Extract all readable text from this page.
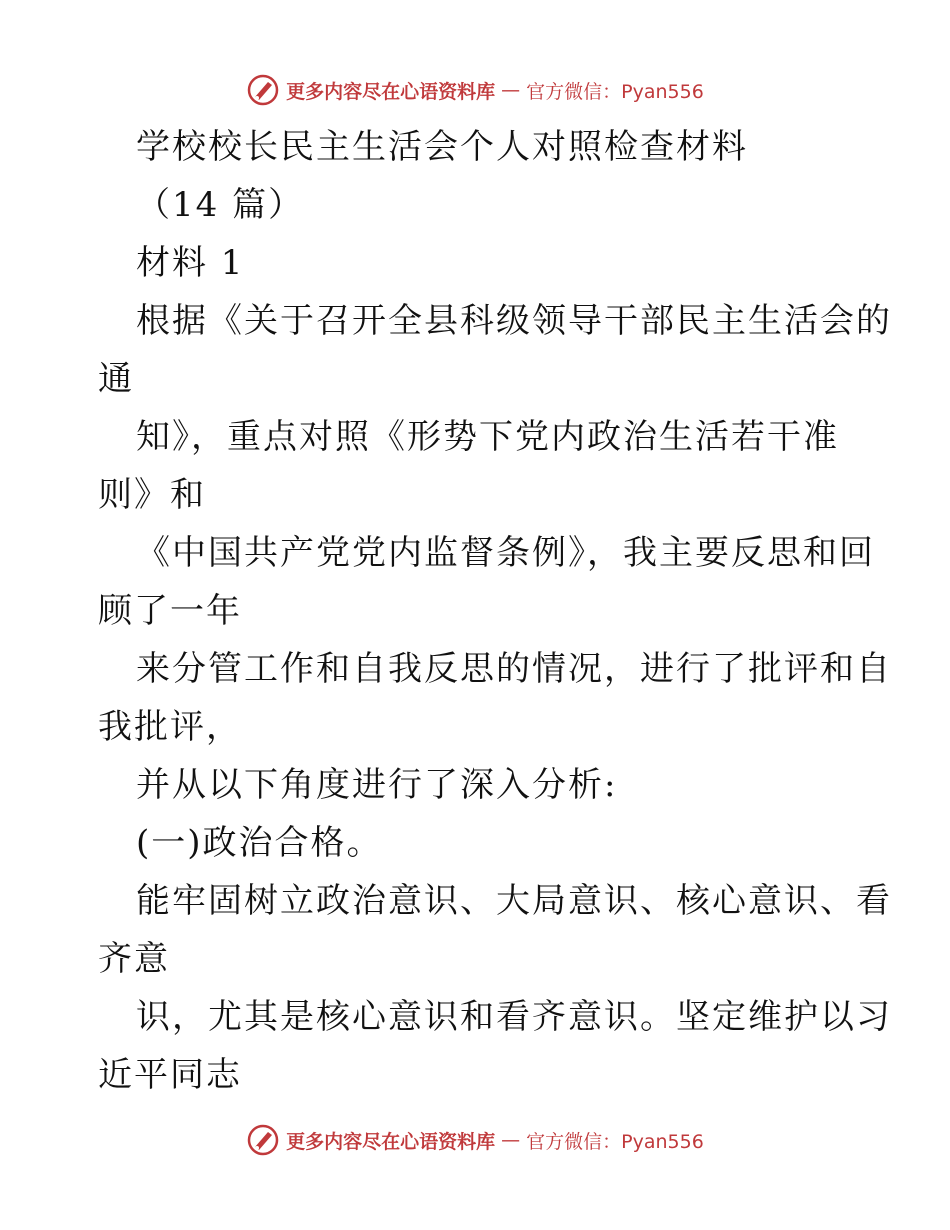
更多内容尽在心语资料库 — 官方微信：Pyan556
学校校长民主生活会个人对照检查材料
（14 篇）
材料 1
根据《关于召开全县科级领导干部民主生活会的
通
知》，重点对照《形势下党内政治生活若干准
则》和
《中国共产党党内监督条例》，我主要反思和回
顾了一年
来分管工作和自我反思的情况，进行了批评和自
我批评，
并从以下角度进行了深入分析:
(一)政治合格。
能牢固树立政治意识、大局意识、核心意识、看
齐意
识，尤其是核心意识和看齐意识。坚定维护以习
近平同志
更多内容尽在心语资料库 — 官方微信：Pyan556
